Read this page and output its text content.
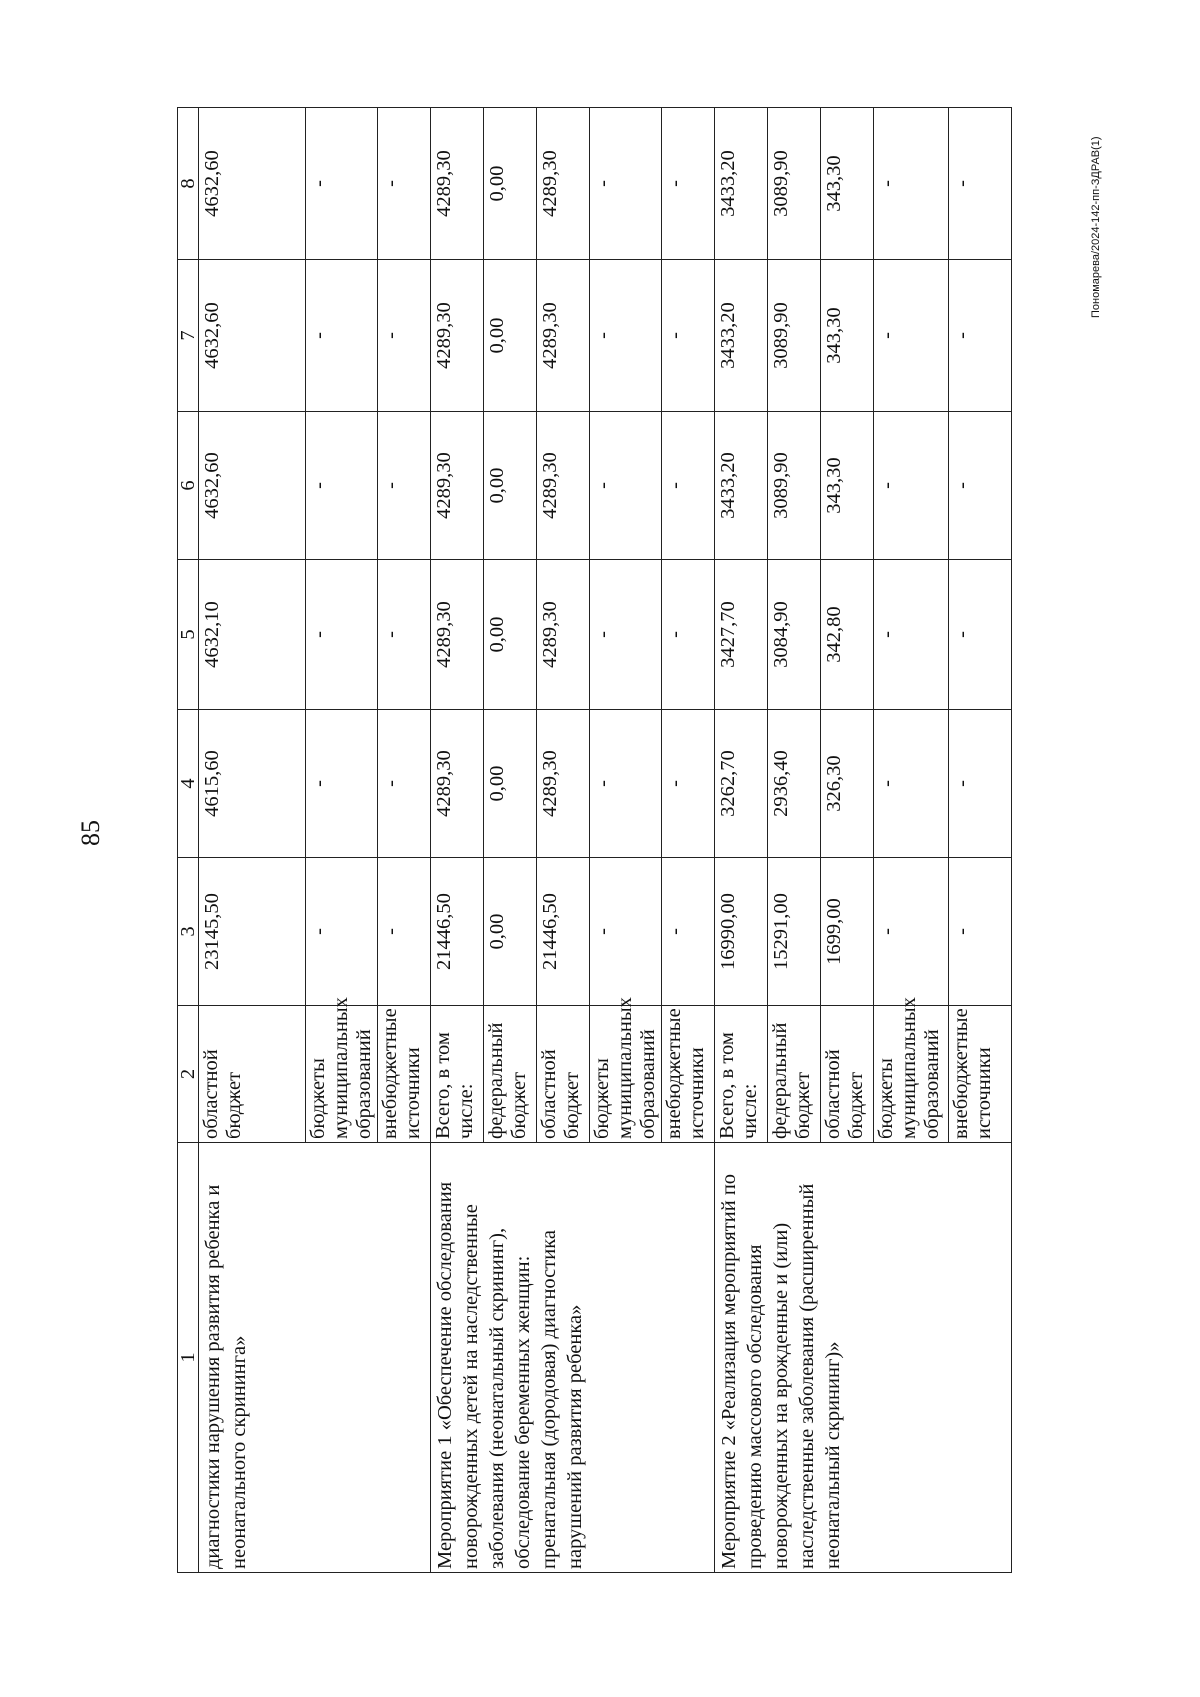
85
Пономарева/2024-142-пп-ЗДРАВ(1)
1	2	3	4	5	6	7	8
диагностики нарушения развития ребенка и неонатального скрининга»	областной бюджет	23145,50	4615,60	4632,10	4632,60	4632,60	4632,60
	бюджеты муниципальных образований	-	-	-	-	-	-
	внебюджетные источники	-	-	-	-	-	-
Мероприятие 1 «Обеспечение обследования новорожденных детей на наследственные заболевания (неонатальный скрининг), обследование беременных женщин: пренатальная (дородовая) диагностика нарушений развития ребенка»	Всего, в том числе:	21446,50	4289,30	4289,30	4289,30	4289,30	4289,30
	федеральный бюджет	0,00	0,00	0,00	0,00	0,00	0,00
	областной бюджет	21446,50	4289,30	4289,30	4289,30	4289,30	4289,30
	бюджеты муниципальных образований	-	-	-	-	-	-
	внебюджетные источники	-	-	-	-	-	-
Мероприятие 2 «Реализация мероприятий по проведению массового обследования новорожденных на врожденные и (или) наследственные заболевания (расширенный неонатальный скрининг)»	Всего, в том числе:	16990,00	3262,70	3427,70	3433,20	3433,20	3433,20
	федеральный бюджет	15291,00	2936,40	3084,90	3089,90	3089,90	3089,90
	областной бюджет	1699,00	326,30	342,80	343,30	343,30	343,30
	бюджеты муниципальных образований	-	-	-	-	-	-
	внебюджетные источники	-	-	-	-	-	-
